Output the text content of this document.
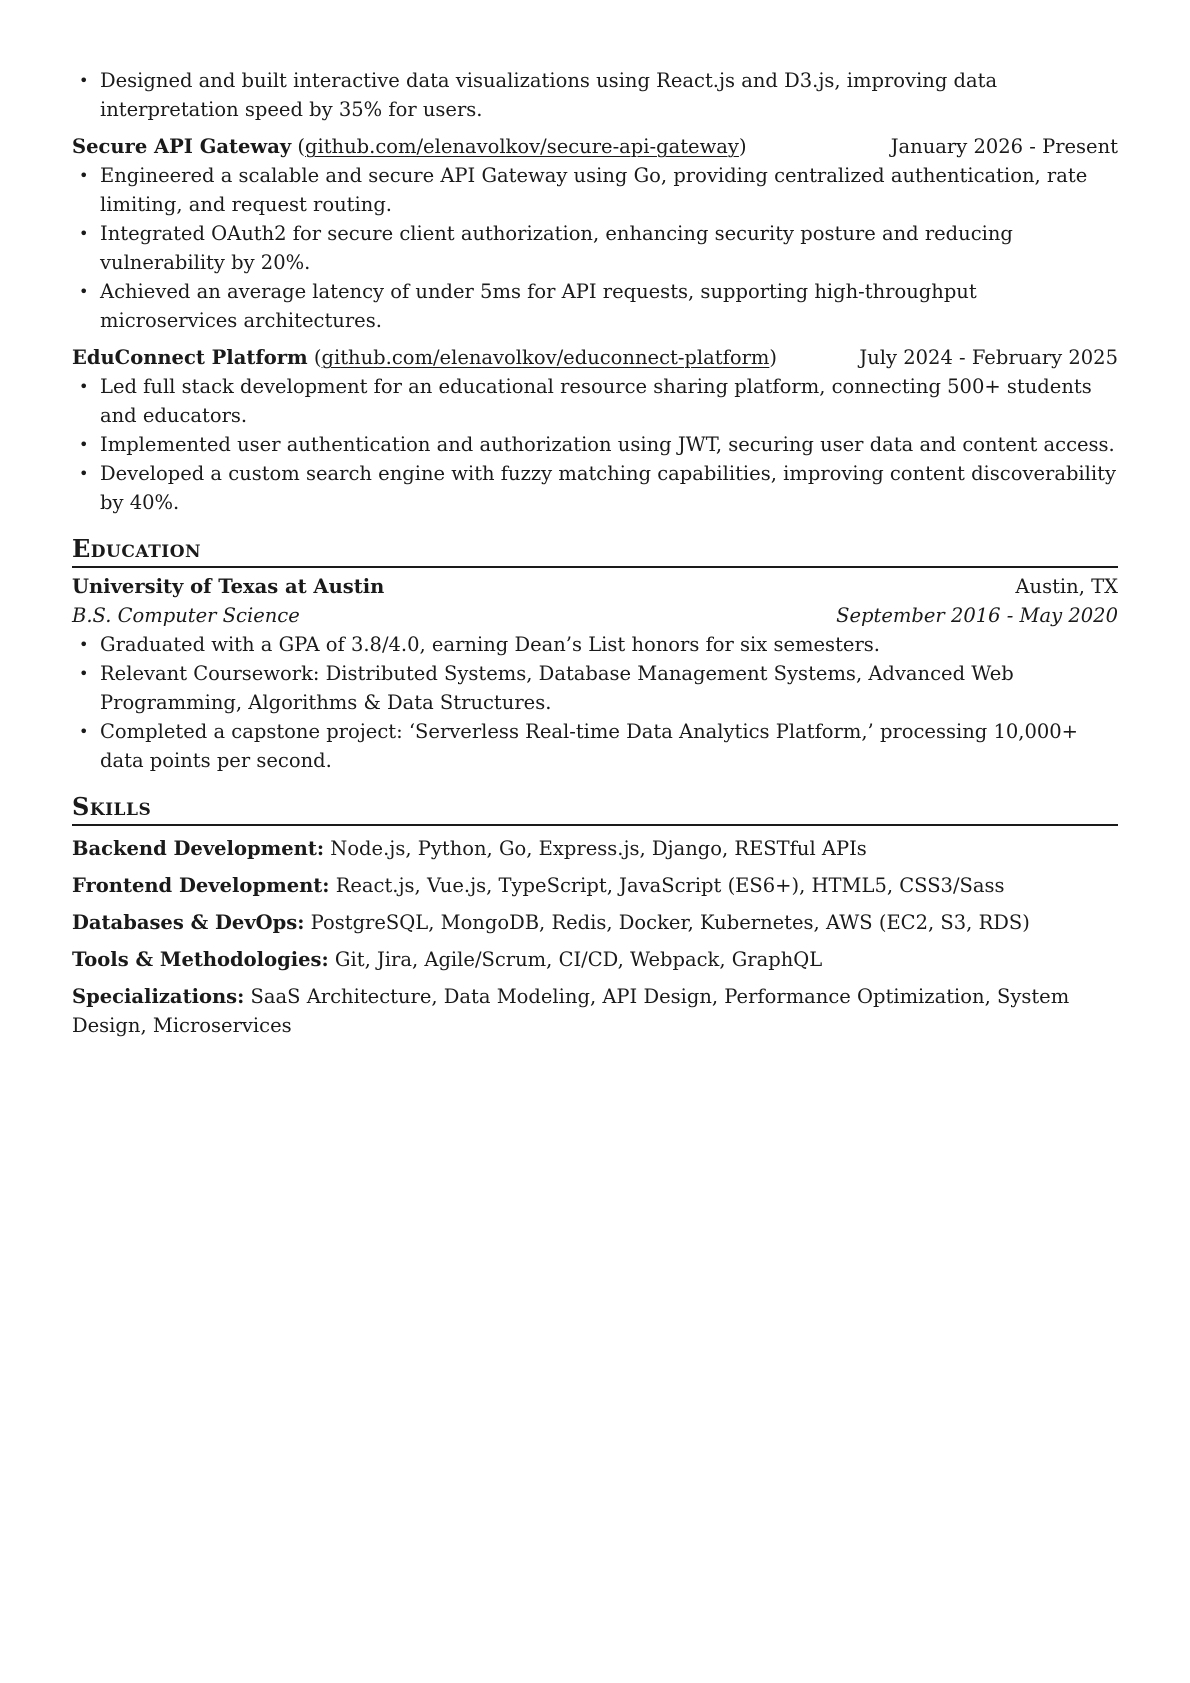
• Designed and built interactive data visualizations using React.js and D3.js, improving data interpretation speed by 35% for users.
Secure API Gateway (github.com/elenavolkov/secure-api-gateway)	January 2026 - Present
• Engineered a scalable and secure API Gateway using Go, providing centralized authentication, rate limiting, and request routing.
• Integrated OAuth2 for secure client authorization, enhancing security posture and reducing vulnerability by 20%.
• Achieved an average latency of under 5ms for API requests, supporting high-throughput microservices architectures.
EduConnect Platform (github.com/elenavolkov/educonnect-platform)	July 2024 - February 2025
• Led full stack development for an educational resource sharing platform, connecting 500+ students and educators.
• Implemented user authentication and authorization using JWT, securing user data and content access.
• Developed a custom search engine with fuzzy matching capabilities, improving content discoverability by 40%.
Education
University of Texas at Austin	Austin, TX
B.S. Computer Science	September 2016 - May 2020
• Graduated with a GPA of 3.8/4.0, earning Dean’s List honors for six semesters.
• Relevant Coursework: Distributed Systems, Database Management Systems, Advanced Web Programming, Algorithms & Data Structures.
• Completed a capstone project: ‘Serverless Real-time Data Analytics Platform,’ processing 10,000+ data points per second.
Skills
Backend Development: Node.js, Python, Go, Express.js, Django, RESTful APIs
Frontend Development: React.js, Vue.js, TypeScript, JavaScript (ES6+), HTML5, CSS3/Sass
Databases & DevOps: PostgreSQL, MongoDB, Redis, Docker, Kubernetes, AWS (EC2, S3, RDS)
Tools & Methodologies: Git, Jira, Agile/Scrum, CI/CD, Webpack, GraphQL
Specializations: SaaS Architecture, Data Modeling, API Design, Performance Optimization, System Design, Microservices
